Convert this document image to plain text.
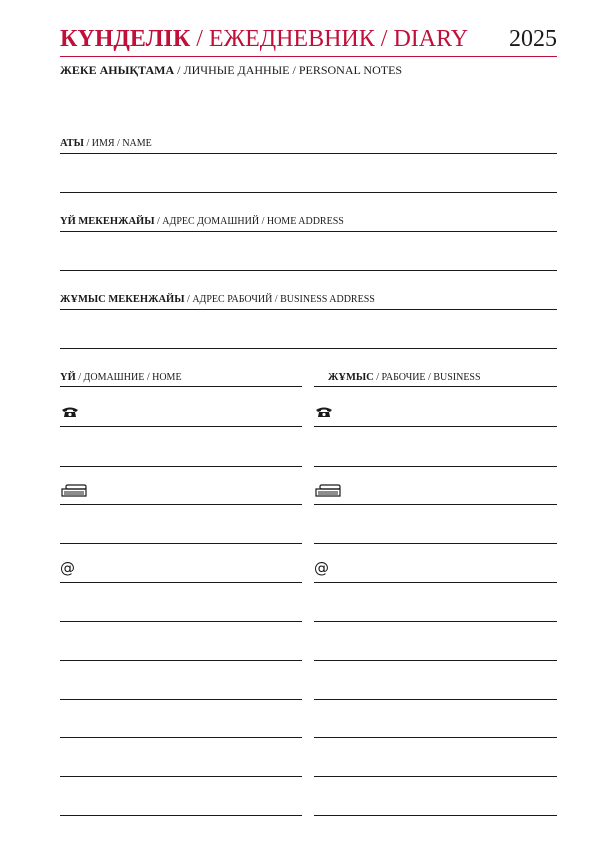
КҮНДЕЛІК / ЕЖЕДНЕВНИК / DIARY 2025
ЖЕКЕ АНЫҚТАМА / ЛИЧНЫЕ ДАННЫЕ / PERSONAL NOTES
АТЫ / ИМЯ / NAME
ҮЙ МЕКЕНЖАЙЫ / АДРЕС ДОМАШНИЙ / HOME ADDRESS
ЖҰМЫС МЕКЕНЖАЙЫ / АДРЕС РАБОЧИЙ / BUSINESS ADDRESS
ҮЙ / ДОМАШНИЕ / HOME	ЖҰМЫС / РАБОЧИЕ / BUSINESS
@	@
